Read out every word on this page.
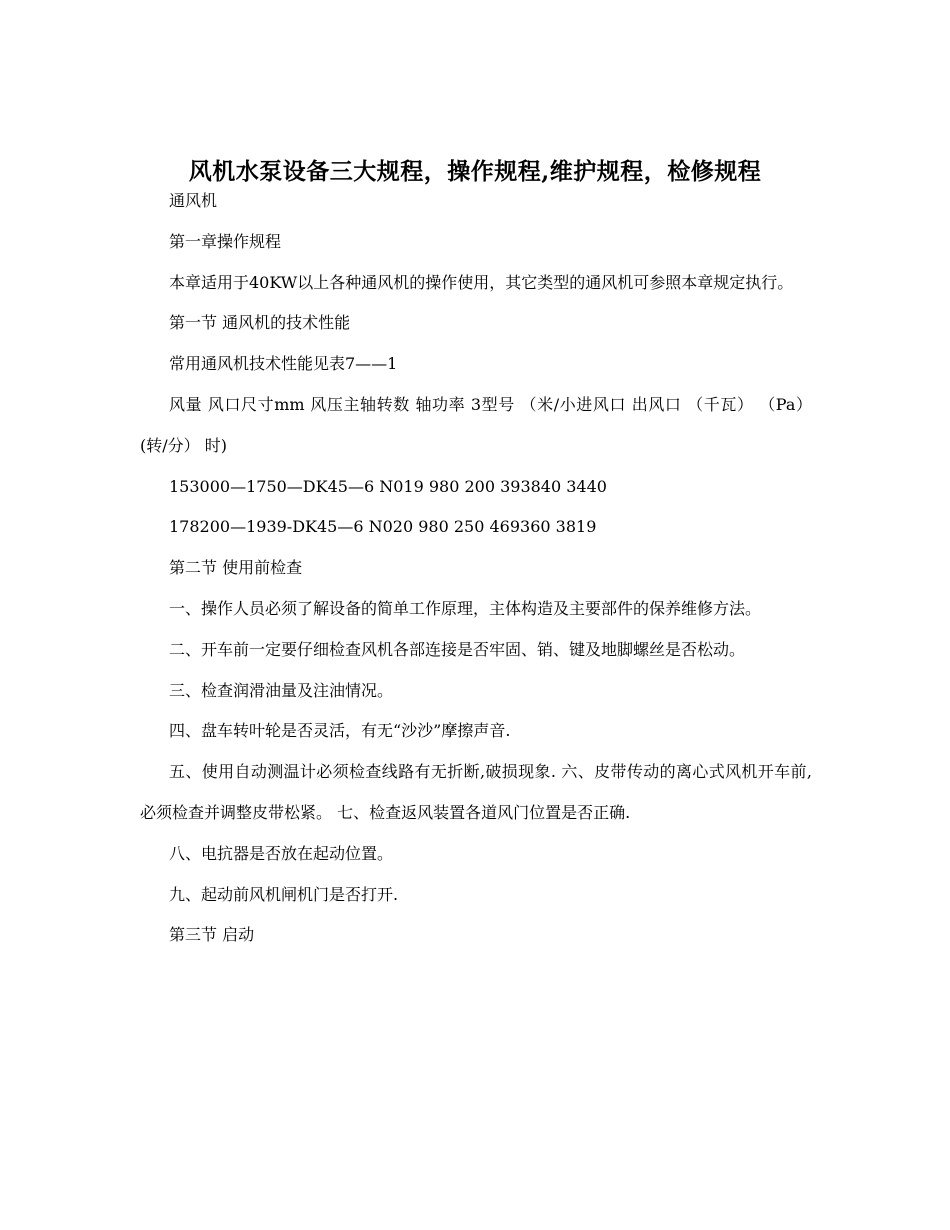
风机水泵设备三大规程，操作规程,维护规程，检修规程

通风机

第一章操作规程

本章适用于40KW以上各种通风机的操作使用，其它类型的通风机可参照本章规定执行。

第一节 通风机的技术性能

常用通风机技术性能见表7——1

风量 风口尺寸mm 风压主轴转数 轴功率 3型号 （米/小进风口 出风口 （千瓦） （Pa） (转/分） 时)

153000—1750—DK45—6 N019 980 200 393840 3440

178200—1939-DK45—6 N020 980 250 469360 3819

第二节 使用前检查

一、操作人员必须了解设备的简单工作原理，主体构造及主要部件的保养维修方法。

二、开车前一定要仔细检查风机各部连接是否牢固、销、键及地脚螺丝是否松动。

三、检查润滑油量及注油情况。

四、盘车转叶轮是否灵活，有无“沙沙”摩擦声音.

五、使用自动测温计必须检查线路有无折断,破损现象. 六、皮带传动的离心式风机开车前,必须检查并调整皮带松紧。 七、检查返风装置各道风门位置是否正确.

八、电抗器是否放在起动位置。

九、起动前风机闸机门是否打开.

第三节 启动
